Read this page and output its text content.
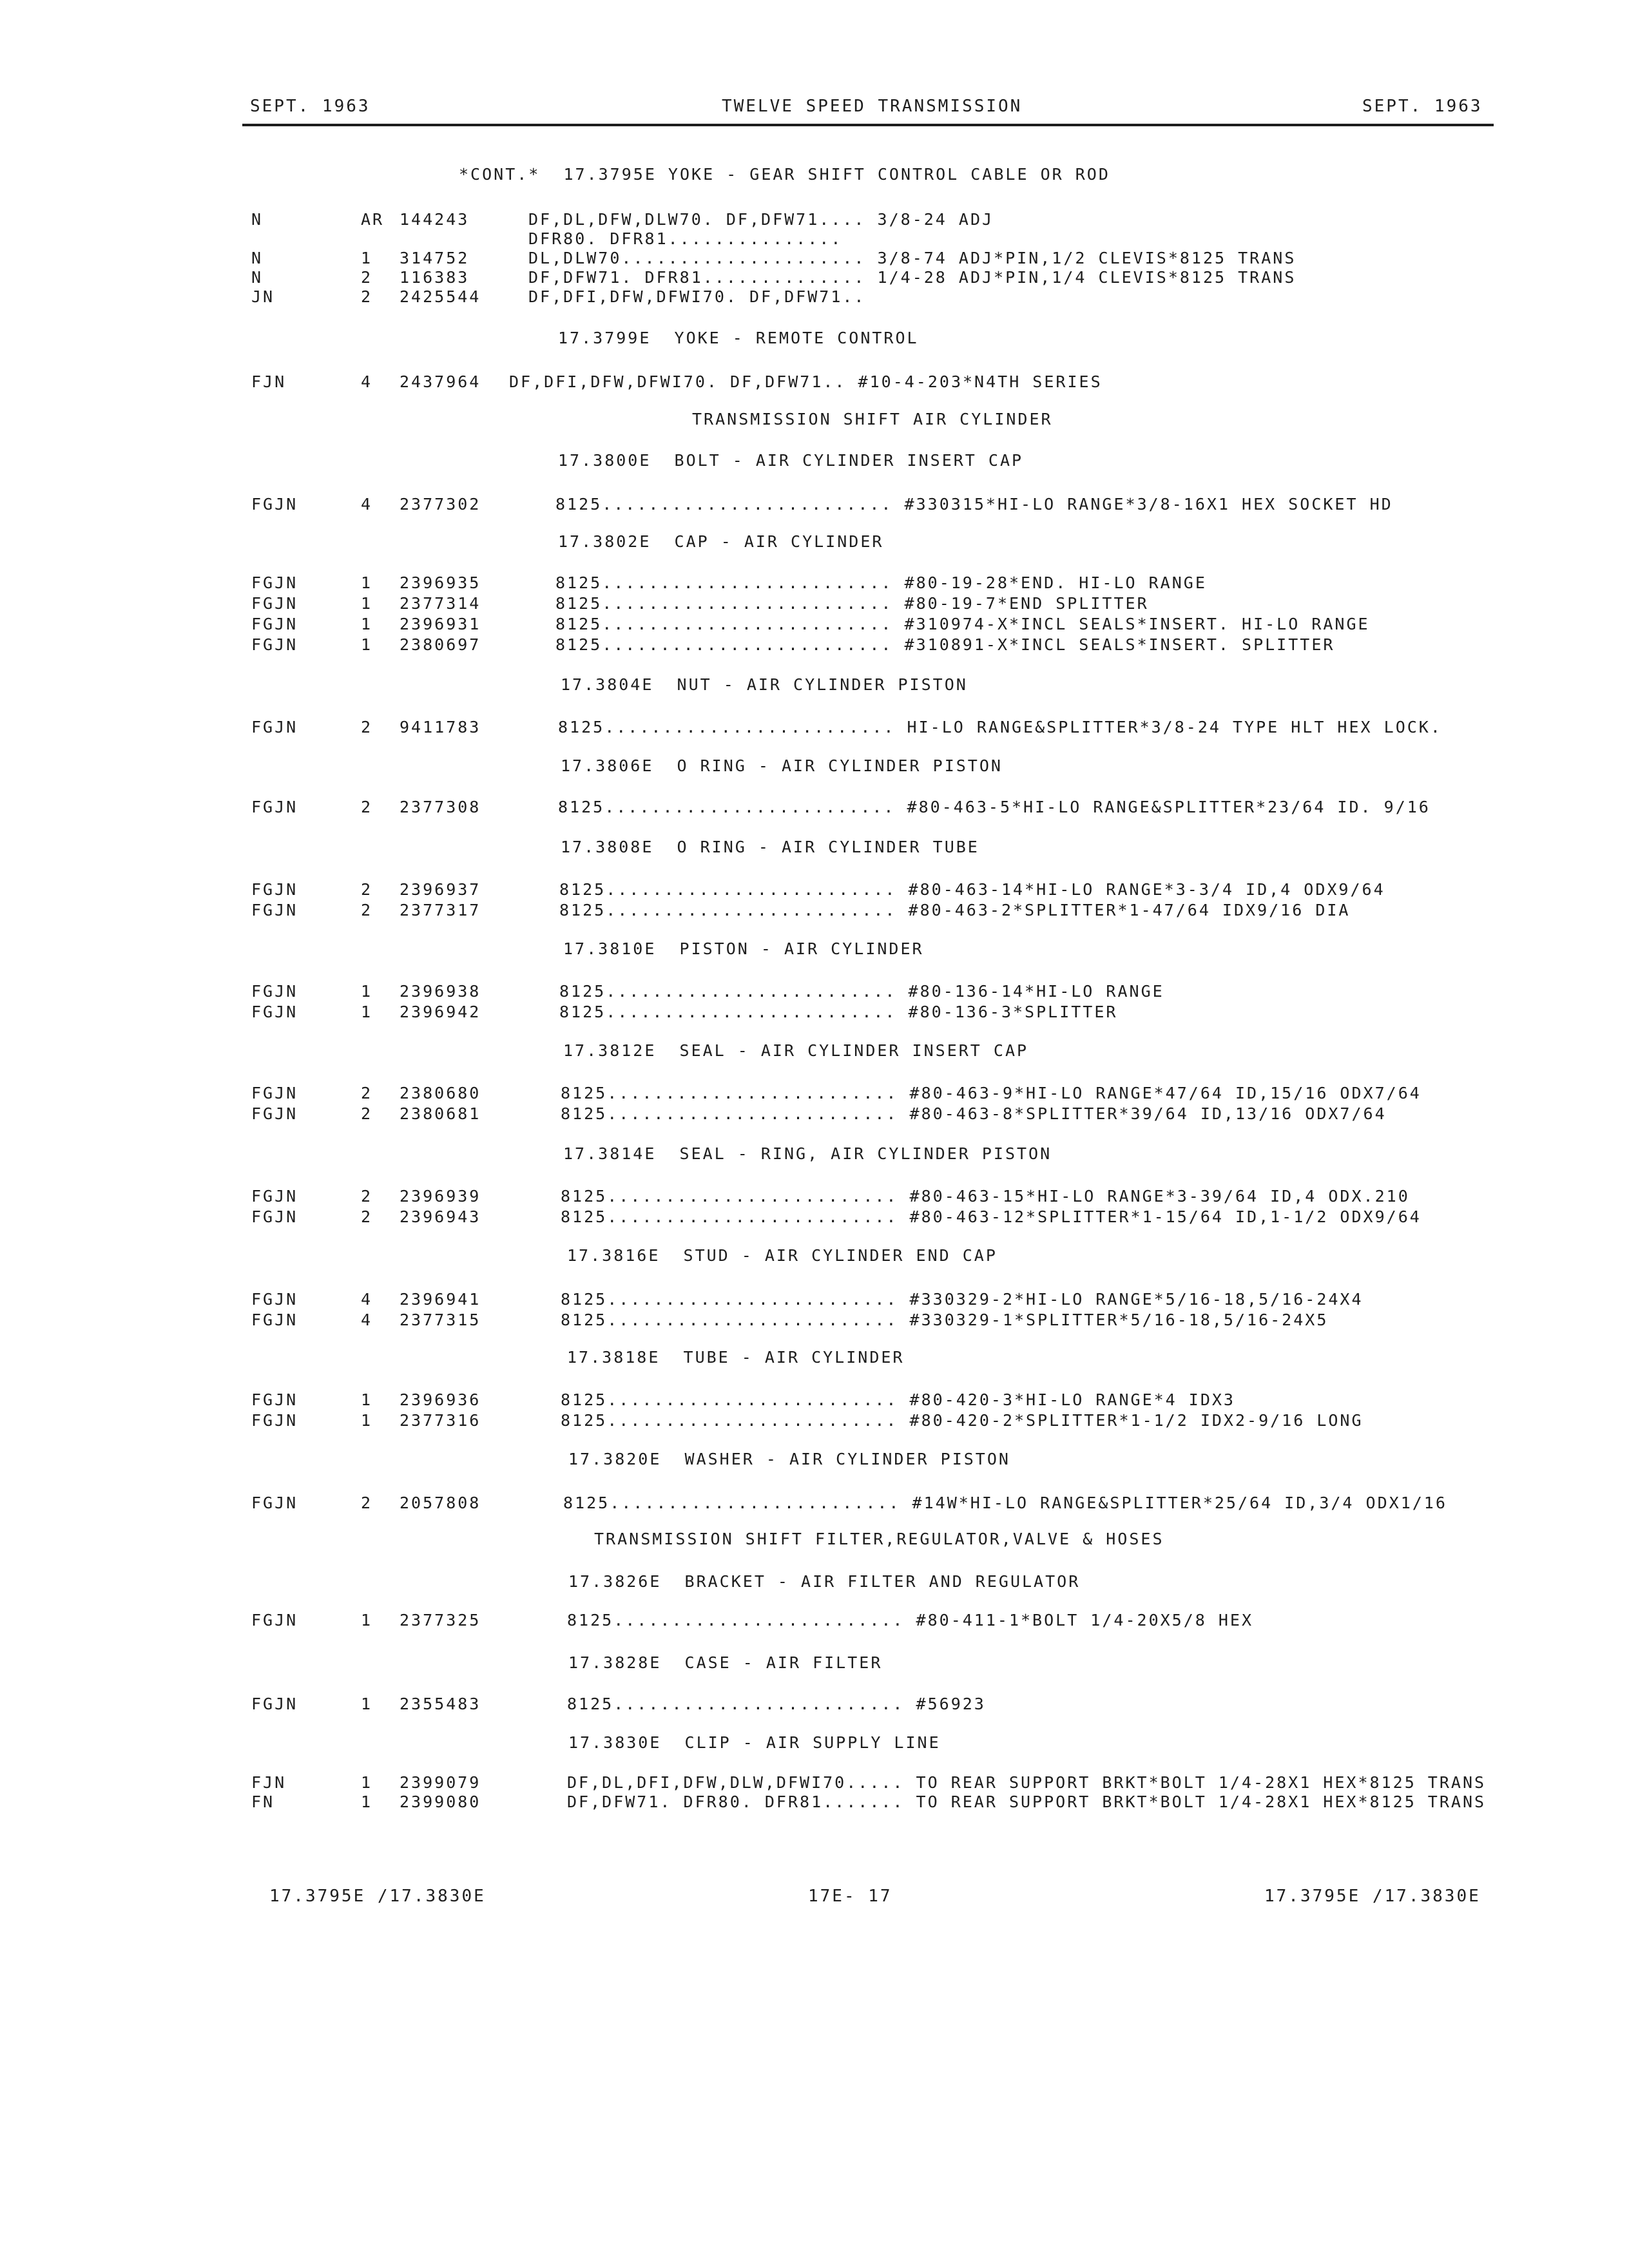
SEPT. 1963	TWELVE SPEED TRANSMISSION	SEPT. 1963
*CONT.*  17.3795E YOKE - GEAR SHIFT CONTROL CABLE OR ROD
N	AR 144243	DF,DL,DFW,DLW70. DF,DFW71.... 3/8-24 ADJ
DFR80. DFR81...............
N	1 314752	DL,DLW70..................... 3/8-74 ADJ*PIN,1/2 CLEVIS*8125 TRANS
N	2 116383	DF,DFW71. DFR81.............. 1/4-28 ADJ*PIN,1/4 CLEVIS*8125 TRANS
JN	2 2425544	DF,DFI,DFW,DFWI70. DF,DFW71..
17.3799E  YOKE - REMOTE CONTROL
FJN	4 2437964 DF,DFI,DFW,DFWI70. DF,DFW71.. #10-4-203*N4TH SERIES
TRANSMISSION SHIFT AIR CYLINDER
17.3800E  BOLT - AIR CYLINDER INSERT CAP
FGJN	4 2377302	8125......................... #330315*HI-LO RANGE*3/8-16X1 HEX SOCKET HD
17.3802E  CAP - AIR CYLINDER
FGJN	1 2396935	8125......................... #80-19-28*END. HI-LO RANGE
FGJN	1 2377314	8125......................... #80-19-7*END SPLITTER
FGJN	1 2396931	8125......................... #310974-X*INCL SEALS*INSERT. HI-LO RANGE
FGJN	1 2380697	8125......................... #310891-X*INCL SEALS*INSERT. SPLITTER
17.3804E  NUT - AIR CYLINDER PISTON
FGJN	2 9411783	8125......................... HI-LO RANGE&SPLITTER*3/8-24 TYPE HLT HEX LOCK.
17.3806E  O RING - AIR CYLINDER PISTON
FGJN	2 2377308	8125......................... #80-463-5*HI-LO RANGE&SPLITTER*23/64 ID. 9/16
17.3808E  O RING - AIR CYLINDER TUBE
FGJN	2 2396937	8125......................... #80-463-14*HI-LO RANGE*3-3/4 ID,4 ODX9/64
FGJN	2 2377317	8125......................... #80-463-2*SPLITTER*1-47/64 IDX9/16 DIA
17.3810E  PISTON - AIR CYLINDER
FGJN	1 2396938	8125......................... #80-136-14*HI-LO RANGE
FGJN	1 2396942	8125......................... #80-136-3*SPLITTER
17.3812E  SEAL - AIR CYLINDER INSERT CAP
FGJN	2 2380680	8125......................... #80-463-9*HI-LO RANGE*47/64 ID,15/16 ODX7/64
FGJN	2 2380681	8125......................... #80-463-8*SPLITTER*39/64 ID,13/16 ODX7/64
17.3814E  SEAL - RING, AIR CYLINDER PISTON
FGJN	2 2396939	8125......................... #80-463-15*HI-LO RANGE*3-39/64 ID,4 ODX.210
FGJN	2 2396943	8125......................... #80-463-12*SPLITTER*1-15/64 ID,1-1/2 ODX9/64
17.3816E  STUD - AIR CYLINDER END CAP
FGJN	4 2396941	8125......................... #330329-2*HI-LO RANGE*5/16-18,5/16-24X4
FGJN	4 2377315	8125......................... #330329-1*SPLITTER*5/16-18,5/16-24X5
17.3818E  TUBE - AIR CYLINDER
FGJN	1 2396936	8125......................... #80-420-3*HI-LO RANGE*4 IDX3
FGJN	1 2377316	8125......................... #80-420-2*SPLITTER*1-1/2 IDX2-9/16 LONG
17.3820E  WASHER - AIR CYLINDER PISTON
FGJN	2 2057808	8125......................... #14W*HI-LO RANGE&SPLITTER*25/64 ID,3/4 ODX1/16
TRANSMISSION SHIFT FILTER,REGULATOR,VALVE & HOSES
17.3826E  BRACKET - AIR FILTER AND REGULATOR
FGJN	1 2377325	8125......................... #80-411-1*BOLT 1/4-20X5/8 HEX
17.3828E  CASE - AIR FILTER
FGJN	1 2355483	8125......................... #56923
17.3830E  CLIP - AIR SUPPLY LINE
FJN	1 2399079	DF,DL,DFI,DFW,DLW,DFWI70..... TO REAR SUPPORT BRKT*BOLT 1/4-28X1 HEX*8125 TRANS
FN	1 2399080	DF,DFW71. DFR80. DFR81....... TO REAR SUPPORT BRKT*BOLT 1/4-28X1 HEX*8125 TRANS
17.3795E /17.3830E	17E- 17	17.3795E /17.3830E
